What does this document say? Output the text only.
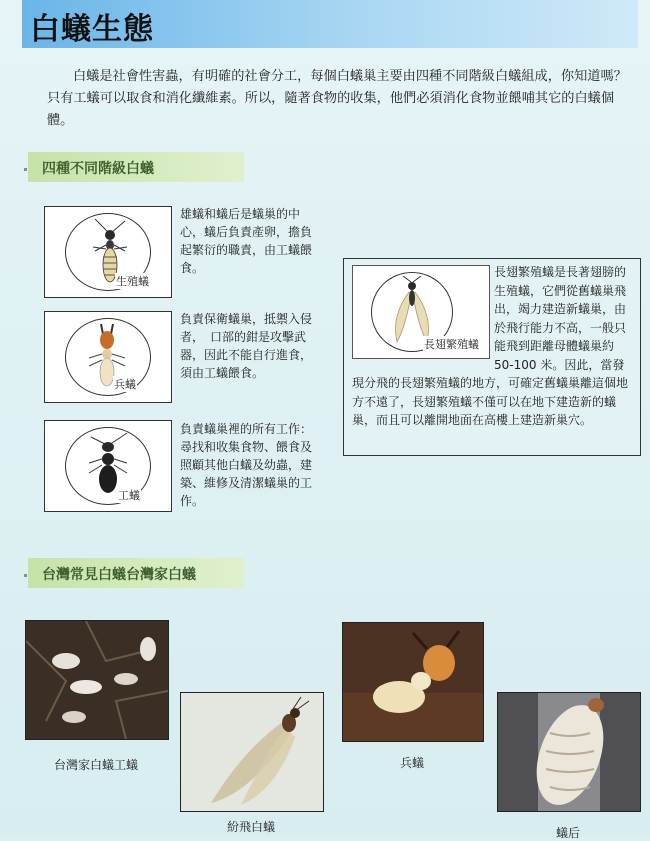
白蟻生態

白蟻是社會性害蟲，有明確的社會分工，每個白蟻巢主要由四種不同階級白蟻組成，你知道嗎？只有工蟻可以取食和消化纖維素。所以，隨著食物的收集，他們必須消化食物並餵哺其它的白蟻個體。

四種不同階級白蟻
生殖蟻

雄蟻和蟻后是蟻巢的中心，蟻后負責產卵，擔負起繁衍的職責，由工蟻餵食。

兵蟻

負責保衛蟻巢，抵禦入侵者，　口部的鉗是攻擊武器，因此不能自行進食，　須由工蟻餵食。

工蟻

負責蟻巢裡的所有工作：尋找和收集食物、餵食及照顧其他白蟻及幼蟲，建築、維修及清潔蟻巢的工作。

長翅繁殖蟻

長翅繁殖蟻是長著翅膀的生殖蟻，它們從舊蟻巢飛出，竭力建造新蟻巢，由於飛行能力不高，一般只能飛到距離母體蟻巢約 50-100 米。因此，當發現分飛的長翅繁殖蟻的地方，可確定舊蟻巢離這個地方不遠了，長翅繁殖蟻不僅可以在地下建造新的蟻巢，而且可以離開地面在高樓上建造新巢穴。

台灣常見白蟻台灣家白蟻
台灣家白蟻工蟻
紛飛白蟻
兵蟻
蟻后
